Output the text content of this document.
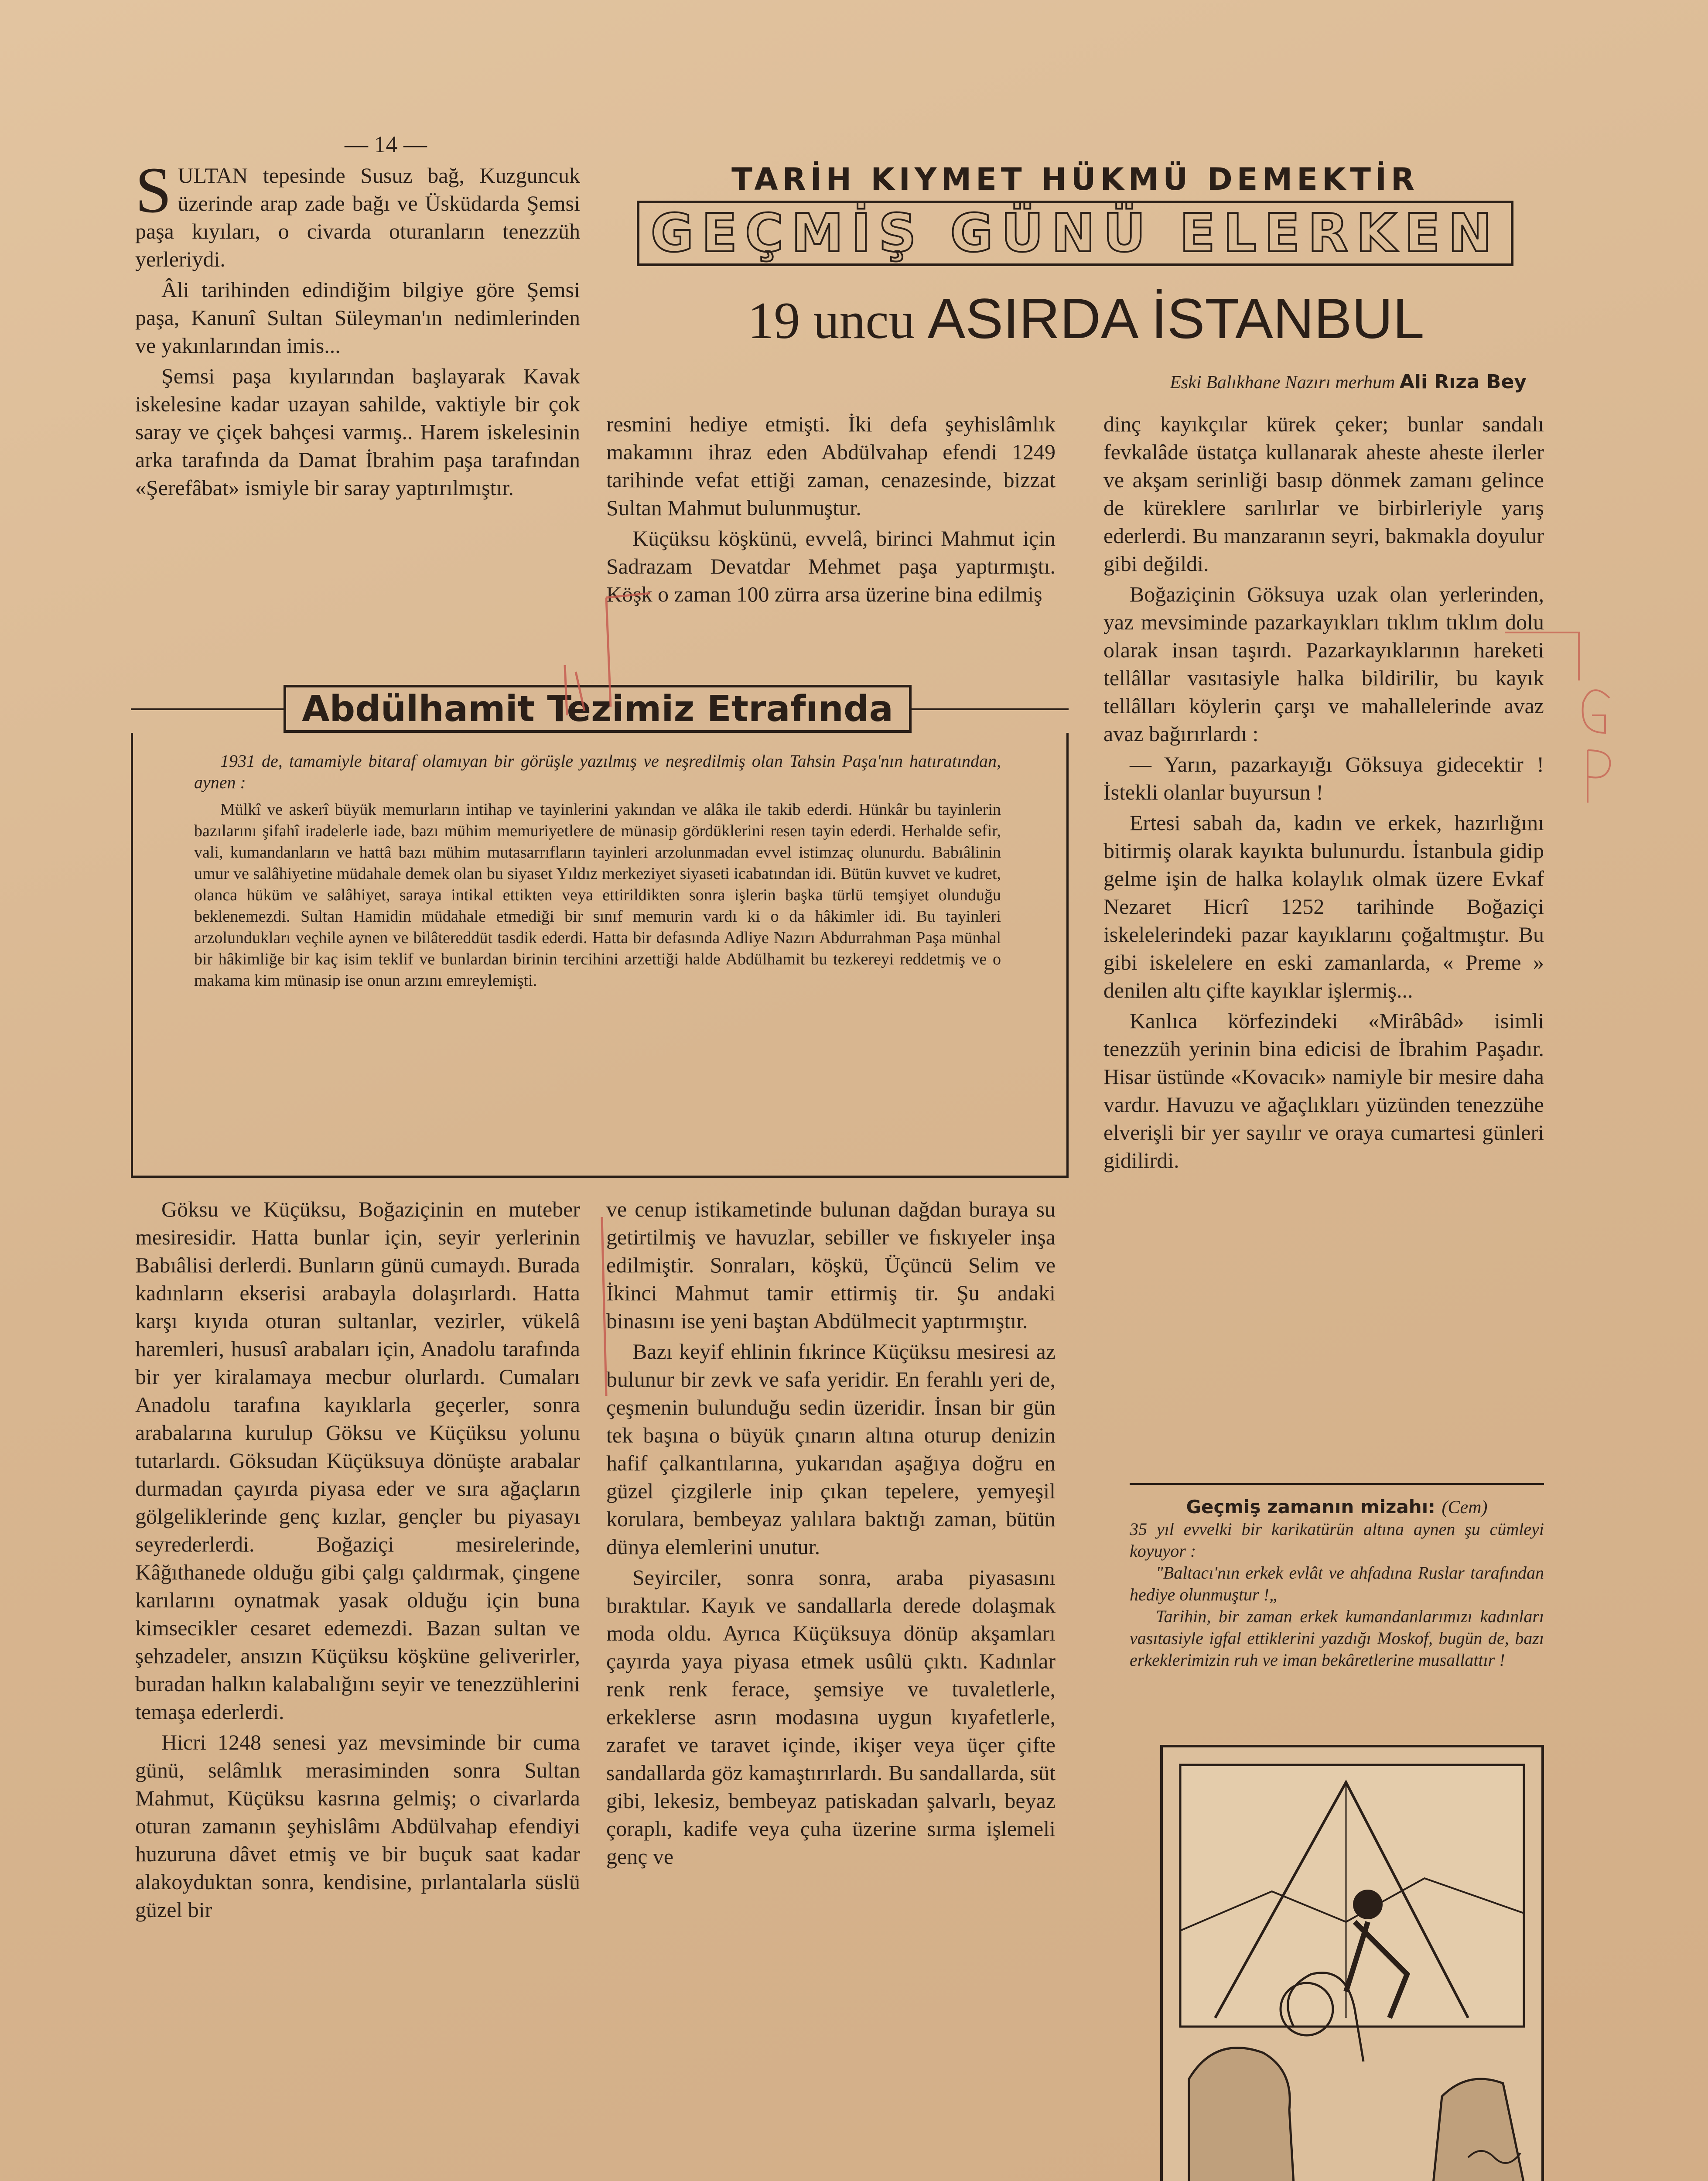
— 14 —

SULTAN tepesinde Susuz bağ, Kuzguncuk üzerinde arap zade bağı ve Üsküdarda Şemsi paşa kıyıları, o civarda oturanların tenezzüh yerleriydi.

Âli tarihinden edindiğim bilgiye göre Şemsi paşa, Kanunî Sultan Süleyman'ın nedimlerinden ve yakınlarından imis...

Şemsi paşa kıyılarından başlayarak Kavak iskelesine kadar uzayan sahilde, vaktiyle bir çok saray ve çiçek bahçesi varmış.. Harem iskelesinin arka tarafında da Damat İbrahim paşa tarafından «Şerefâbat» ismiyle bir saray yaptırılmıştır.

TARİH KIYMET HÜKMÜ DEMEKTİR
GEÇMİŞ GÜNÜ ELERKEN
19 uncu ASIRDA İSTANBUL
Eski Balıkhane Nazırı merhum Ali Rıza Bey

resmini hediye etmişti. İki defa şeyhislâmlık makamını ihraz eden Abdülvahap efendi 1249 tarihinde vefat ettiği zaman, cenazesinde, bizzat Sultan Mahmut bulunmuştur.

Küçüksu köşkünü, evvelâ, birinci Mahmut için Sadrazam Devatdar Mehmet paşa yaptırmıştı. Köşk o zaman 100 zürra arsa üzerine bina edilmiş

dinç kayıkçılar kürek çeker; bunlar sandalı fevkalâde üstatça kullanarak aheste aheste ilerler ve akşam serinliği basıp dönmek zamanı gelince de küreklere sarılırlar ve birbirleriyle yarış ederlerdi. Bu manzaranın seyri, bakmakla doyulur gibi değildi.

Boğaziçinin Göksuya uzak olan yerlerinden, yaz mevsiminde pazarkayıkları tıklım tıklım dolu olarak insan taşırdı. Pazarkayıklarının hareketi tellâllar vasıtasiyle halka bildirilir, bu kayık tellâlları köylerin çarşı ve mahallelerinde avaz avaz bağırırlardı :

— Yarın, pazarkayığı Göksuya gidecektir ! İstekli olanlar buyursun !

Ertesi sabah da, kadın ve erkek, hazırlığını bitirmiş olarak kayıkta bulunurdu. İstanbula gidip gelme işin de halka kolaylık olmak üzere Evkaf Nezaret Hicrî 1252 tarihinde Boğaziçi iskelelerindeki pazar kayıklarını çoğaltmıştır. Bu gibi iskelelere en eski zamanlarda, « Preme » denilen altı çifte kayıklar işlermiş...

Kanlıca körfezindeki «Mirâbâd» isimli tenezzüh yerinin bina edicisi de İbrahim Paşadır. Hisar üstünde «Kovacık» namiyle bir mesire daha vardır. Havuzu ve ağaçlıkları yüzünden tenezzühe elverişli bir yer sayılır ve oraya cumartesi günleri gidilirdi.

Abdülhamit Tezimiz Etrafında
1931 de, tamamiyle bitaraf olamıyan bir görüşle yazılmış ve neşredilmiş olan Tahsin Paşa'nın hatıratından, aynen :
Mülkî ve askerî büyük memurların intihap ve tayinlerini yakından ve alâka ile takib ederdi. Hünkâr bu tayinlerin bazılarını şifahî iradelerle iade, bazı mühim memuriyetlere de münasip gördüklerini resen tayin ederdi. Herhalde sefir, vali, kumandanların ve hattâ bazı mühim mutasarrıfların tayinleri arzolunmadan evvel istimzaç olunurdu. Babıâlinin umur ve salâhiyetine müdahale demek olan bu siyaset Yıldız merkeziyet siyaseti icabatından idi. Bütün kuvvet ve kudret, olanca hüküm ve salâhiyet, saraya intikal ettikten veya ettirildikten sonra işlerin başka türlü temşiyet olunduğu beklenemezdi. Sultan Hamidin müdahale etmediği bir sınıf memurin vardı ki o da hâkimler idi. Bu tayinleri arzolundukları veçhile aynen ve bilâtereddüt tasdik ederdi. Hatta bir defasında Adliye Nazırı Abdurrahman Paşa münhal bir hâkimliğe bir kaç isim teklif ve bunlardan birinin tercihini arzettiği halde Abdülhamit bu tezkereyi reddetmiş ve o makama kim münasip ise onun arzını emreylemişti.

Göksu ve Küçüksu, Boğaziçinin en muteber mesiresidir. Hatta bunlar için, seyir yerlerinin Babıâlisi derlerdi. Bunların günü cumaydı. Burada kadınların ekserisi arabayla dolaşırlardı. Hatta karşı kıyıda oturan sultanlar, vezirler, vükelâ haremleri, hususî arabaları için, Anadolu tarafında bir yer kiralamaya mecbur olurlardı. Cumaları Anadolu tarafına kayıklarla geçerler, sonra arabalarına kurulup Göksu ve Küçüksu yolunu tutarlardı. Göksudan Küçüksuya dönüşte arabalar durmadan çayırda piyasa eder ve sıra ağaçların gölgeliklerinde genç kızlar, gençler bu piyasayı seyrederlerdi. Boğaziçi mesirelerinde, Kâğıthanede olduğu gibi çalgı çaldırmak, çingene karılarını oynatmak yasak olduğu için buna kimsecikler cesaret edemezdi. Bazan sultan ve şehzadeler, ansızın Küçüksu köşküne geliverirler, buradan halkın kalabalığını seyir ve tenezzühlerini temaşa ederlerdi.

Hicri 1248 senesi yaz mevsiminde bir cuma günü, selâmlık merasiminden sonra Sultan Mahmut, Küçüksu kasrına gelmiş; o civarlarda oturan zamanın şeyhislâmı Abdülvahap efendiyi huzuruna dâvet etmiş ve bir buçuk saat kadar alakoyduktan sonra, kendisine, pırlantalarla süslü güzel bir

ve cenup istikametinde bulunan dağdan buraya su getirtilmiş ve havuzlar, sebiller ve fıskıyeler inşa edilmiştir. Sonraları, köşkü, Üçüncü Selim ve İkinci Mahmut tamir ettirmiş tir. Şu andaki binasını ise yeni baştan Abdülmecit yaptırmıştır.

Bazı keyif ehlinin fıkrince Küçüksu mesiresi az bulunur bir zevk ve safa yeridir. En ferahlı yeri de, çeşmenin bulunduğu sedin üzeridir. İnsan bir gün tek başına o büyük çınarın altına oturup denizin hafif çalkantılarına, yukarıdan aşağıya doğru en güzel çizgilerle inip çıkan tepelere, yemyeşil korulara, bembeyaz yalılara baktığı zaman, bütün dünya elemlerini unutur.

Seyirciler, sonra sonra, araba piyasasını bıraktılar. Kayık ve sandallarla derede dolaşmak moda oldu. Ayrıca Küçüksuya dönüp akşamları çayırda yaya piyasa etmek usûlü çıktı. Kadınlar renk renk ferace, şemsiye ve tuvaletlerle, erkeklerse asrın modasına uygun kıyafetlerle, zarafet ve taravet içinde, ikişer veya üçer çifte sandallarda göz kamaştırırlardı. Bu sandallarda, süt gibi, lekesiz, bembeyaz patiskadan şalvarlı, beyaz çoraplı, kadife veya çuha üzerine sırma işlemeli genç ve

Geçmiş zamanın mizahı: (Cem)

35 yıl evvelki bir karikatürün altına aynen şu cümleyi koyuyor :

"Baltacı'nın erkek evlât ve ahfadına Ruslar tarafından hediye olunmuştur !„

Tarihin, bir zaman erkek kumandanlarımızı kadınları vasıtasiyle igfal ettiklerini yazdığı Moskof, bugün de, bazı erkeklerimizin ruh ve iman bekâretlerine musallattır !
